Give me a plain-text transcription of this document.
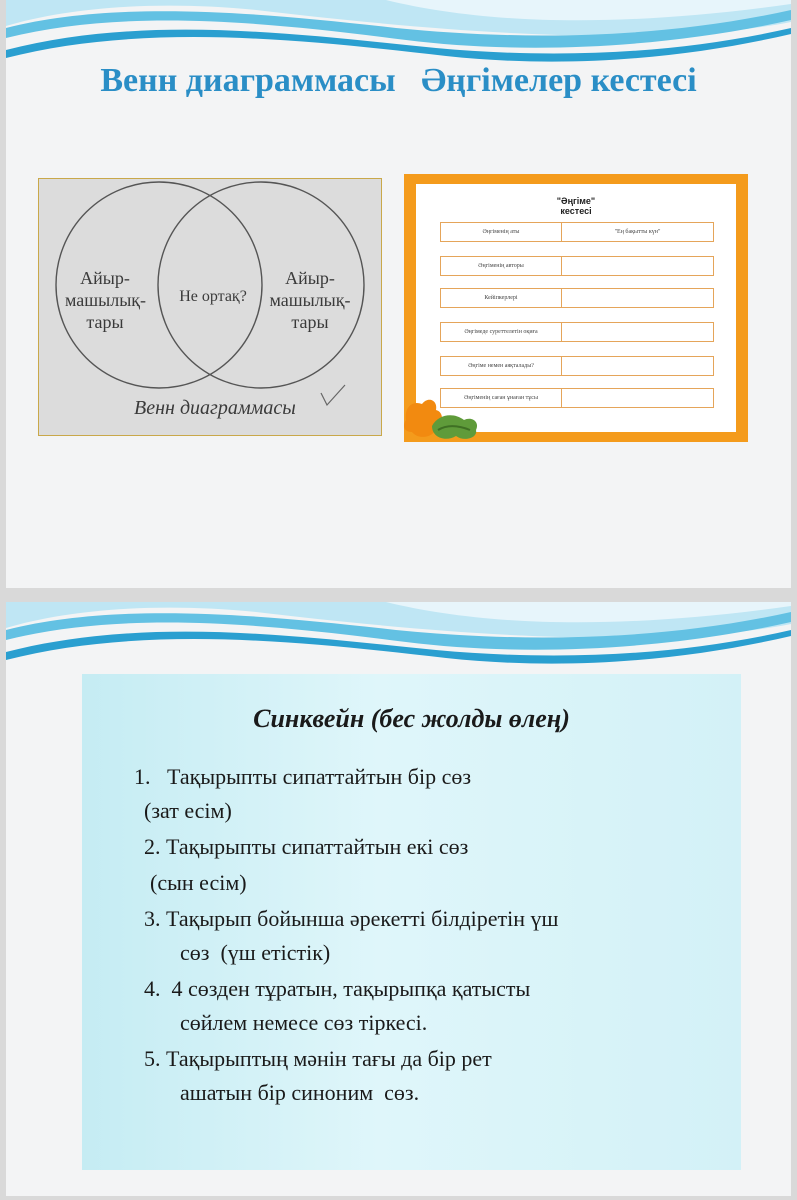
Венн диаграммасы   Әңгімелер кестесі
Айыр-
машылық-
тары
Не ортақ?
Айыр-
машылық-
тары
Венн диаграммасы
"Әңгіме"
кестесі
Әңгіменің аты	"Ең бақытты күн"
Әңгіменің авторы
Кейіпкерлері
Әңгімеде суреттелетін оқиға
Әңгіме немен аяқталады?
Әңгіменің саған ұнаған тұсы
Синквейн (бес жолды өлең)
1.   Тақырыпты сипаттайтын бір сөз
(зат есім)
2. Тақырыпты сипаттайтын екі сөз
(сын есім)
3. Тақырып бойынша әрекетті білдіретін үш
сөз  (үш етістік)
4.  4 сөзден тұратын, тақырыпқа қатысты
сөйлем немесе сөз тіркесі.
5. Тақырыптың мәнін тағы да бір рет
ашатын бір синоним  сөз.
